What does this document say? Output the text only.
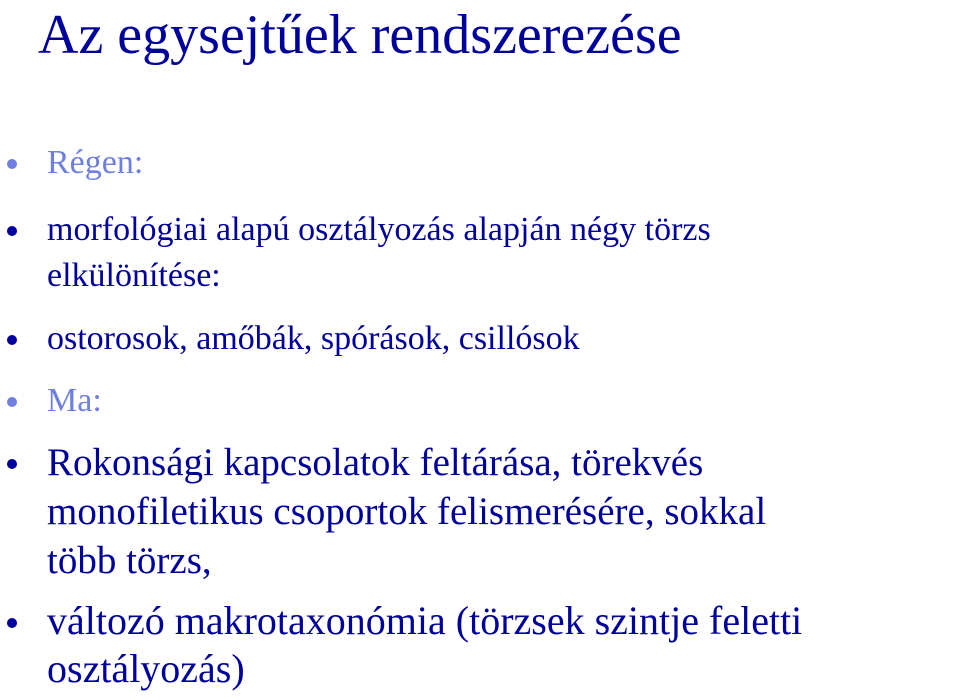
Az egysejtűek rendszerezése
Régen:
morfológiai alapú osztályozás alapján négy törzs
elkülönítése:
ostorosok, amőbák, spórások, csillósok
Ma:
Rokonsági kapcsolatok feltárása, törekvés
monofiletikus csoportok felismerésére, sokkal
több törzs,
változó makrotaxonómia (törzsek szintje feletti
osztályozás)
